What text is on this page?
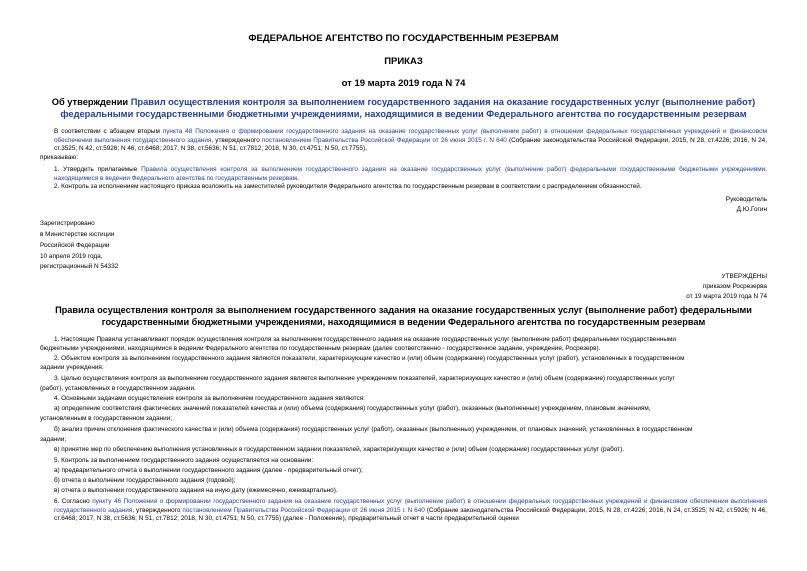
ФЕДЕРАЛЬНОЕ АГЕНТСТВО ПО ГОСУДАРСТВЕННЫМ РЕЗЕРВАМ
ПРИКАЗ
от 19 марта 2019 года N 74
Об утверждении Правил осуществления контроля за выполнением государственного задания на оказание государственных услуг (выполнение работ) федеральными государственными бюджетными учреждениями, находящимися в ведении Федерального агентства по государственным резервам
В соответствии с абзацем вторым пункта 48 Положения о формировании государственного задания на оказание государственных услуг (выполнение работ) в отношении федеральных государственных учреждений и финансовом обеспечении выполнения государственного задания, утвержденного постановлением Правительства Российской Федерации от 26 июня 2015 г. N 640 (Собрание законодательства Российской Федерации, 2015, N 28, ст.4226; 2016, N 24, ст.3525; N 42, ст.5926; N 46, ст.6468; 2017, N 38, ст.5636; N 51, ст.7812; 2018, N 30, ст.4751; N 50, ст.7755),
приказываю:
1. Утвердить прилагаемые Правила осуществления контроля за выполнением государственного задания на оказание государственных услуг (выполнение работ) федеральными государственными бюджетными учреждениями, находящимися в ведении Федерального агентства по государственным резервам.
2. Контроль за исполнением настоящего приказа возложить на заместителей руководителя Федерального агентства по государственным резервам в соответствии с распределением обязанностей.
Руководитель
Д.Ю.Гогин
Зарегистрировано
в Министерстве юстиции
Российской Федерации
10 апреля 2019 года,
регистрационный N 54332
УТВЕРЖДЕНЫ
приказом Росрезерва
от 19 марта 2019 года N 74
Правила осуществления контроля за выполнением государственного задания на оказание государственных услуг (выполнение работ) федеральными
государственными бюджетными учреждениями, находящимися в ведении Федерального агентства по государственным резервам
1. Настоящие Правила устанавливают порядок осуществления контроля за выполнением государственного задания на оказание государственных услуг (выполнение работ) федеральными государственными
бюджетными учреждениями, находящимися в ведении Федерального агентства по государственным резервам (далее соответственно - государственное задание, учреждение, Росрезерв).
2. Объектом контроля за выполнением государственного задания являются показатели, характеризующие качество и (или) объем (содержание) государственных услуг (работ), установленных в государственном
задании учреждения.
3. Целью осуществления контроля за выполнением государственного задания является выполнение учреждением показателей, характеризующих качество и (или) объем (содержание) государственных услуг
(работ), установленных в государственном задании.
4. Основными задачами осуществления контроля за выполнением государственного задания являются:
а) определение соответствия фактических значений показателей качества и (или) объема (содержания) государственных услуг (работ), оказанных (выполненных) учреждением, плановым значениям,
установленным в государственном задании;
б) анализ причин отклонения фактического качества и (или) объема (содержания) государственных услуг (работ), оказанных (выполненных) учреждением, от плановых значений, установленных в государственном
задании;
в) принятие мер по обеспечению выполнения установленных в государственном задании показателей, характеризующих качество и (или) объем (содержание) государственных услуг (работ).
5. Контроль за выполнением государственного задания осуществляется на основании:
а) предварительного отчета о выполнении государственного задания (далее - предварительный отчет);
б) отчета о выполнении государственного задания (годовой);
в) отчета о выполнении государственного задания на иную дату (ежемесячно, ежеквартально).
6. Согласно пункту 46 Положения о формировании государственного задания на оказание государственных услуг (выполнение работ) в отношении федеральных государственных учреждений и финансовом обеспечении выполнения государственного задания, утвержденного постановлением Правительства Российской Федерации от 26 июня 2015 г. N 640 (Собрание законодательства Российской Федерации, 2015, N 28, ст.4226; 2016, N 24, ст.3525; N 42, ст.5926; N 46, ст.6468; 2017, N 38, ст.5636; N 51, ст.7812; 2018, N 30, ст.4751; N 50, ст.7755) (далее - Положение), предварительный отчет в части предварительной оценки
